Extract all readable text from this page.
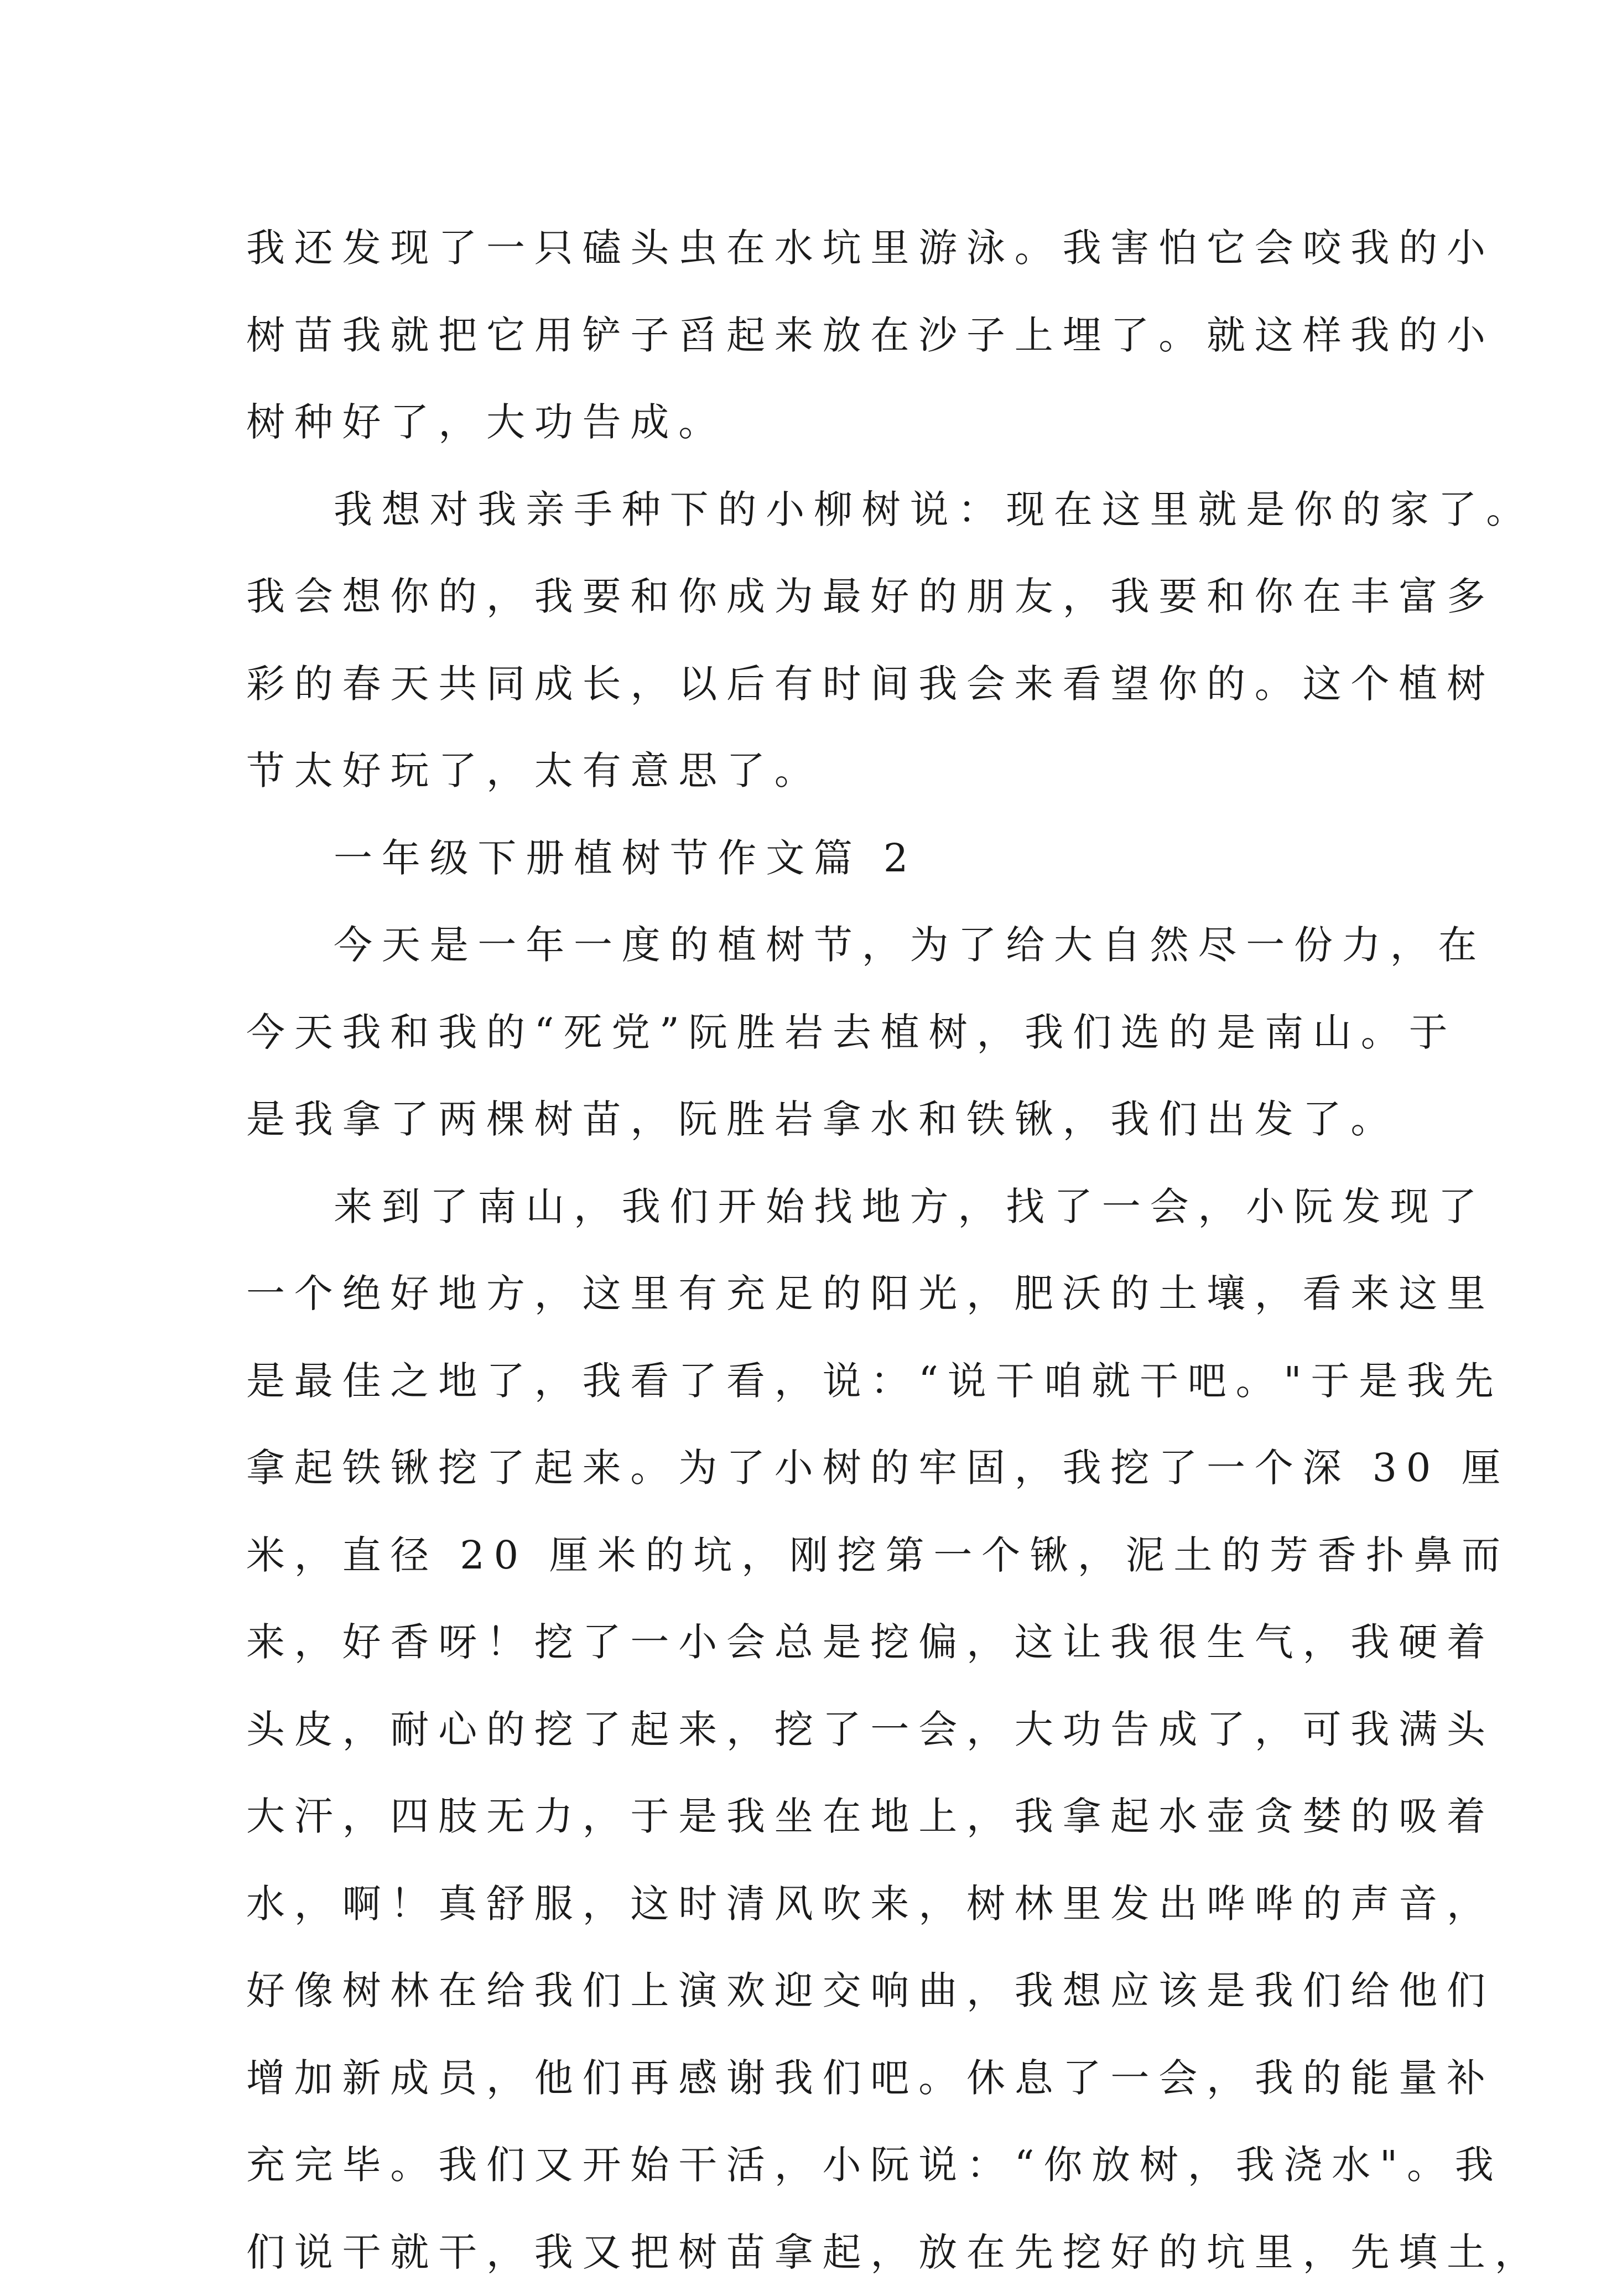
我还发现了一只磕头虫在水坑里游泳。我害怕它会咬我的小
树苗我就把它用铲子舀起来放在沙子上埋了。就这样我的小
树种好了，大功告成。
我想对我亲手种下的小柳树说：现在这里就是你的家了。
我会想你的，我要和你成为最好的朋友，我要和你在丰富多
彩的春天共同成长，以后有时间我会来看望你的。这个植树
节太好玩了，太有意思了。
一年级下册植树节作文篇 2
今天是一年一度的植树节，为了给大自然尽一份力，在
今天我和我的“死党”阮胜岩去植树，我们选的是南山。于
是我拿了两棵树苗，阮胜岩拿水和铁锹，我们出发了。
来到了南山，我们开始找地方，找了一会，小阮发现了
一个绝好地方，这里有充足的阳光，肥沃的土壤，看来这里
是最佳之地了，我看了看，说：“说干咱就干吧。"于是我先
拿起铁锹挖了起来。为了小树的牢固，我挖了一个深 30 厘
米，直径 20 厘米的坑，刚挖第一个锹，泥土的芳香扑鼻而
来，好香呀！挖了一小会总是挖偏，这让我很生气，我硬着
头皮，耐心的挖了起来，挖了一会，大功告成了，可我满头
大汗，四肢无力，于是我坐在地上，我拿起水壶贪婪的吸着
水，啊！真舒服，这时清风吹来，树林里发出哗哗的声音，
好像树林在给我们上演欢迎交响曲，我想应该是我们给他们
增加新成员，他们再感谢我们吧。休息了一会，我的能量补
充完毕。我们又开始干活，小阮说：“你放树，我浇水"。我
们说干就干，我又把树苗拿起，放在先挖好的坑里，先填土，
